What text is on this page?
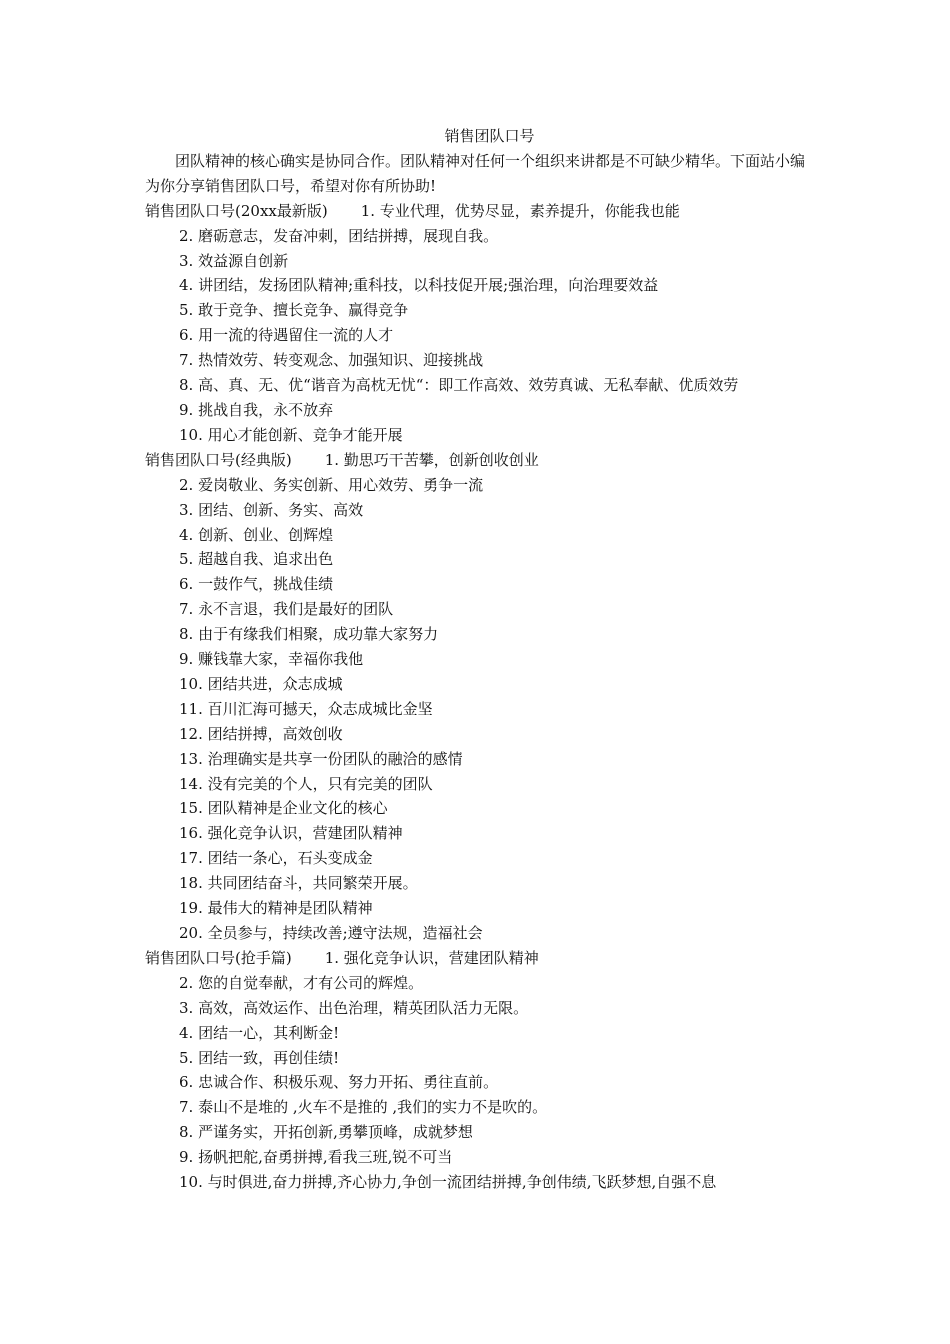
销售团队口号

团队精神的核心确实是协同合作。团队精神对任何一个组织来讲都是不可缺少精华。下面站小编为你分享销售团队口号，希望对你有所协助!

销售团队口号(20xx最新版) 1. 专业代理，优势尽显，素养提升，你能我也能
2. 磨砺意志，发奋冲刺，团结拼搏，展现自我。
3. 效益源自创新
4. 讲团结，发扬团队精神;重科技，以科技促开展;强治理，向治理要效益
5. 敢于竞争、擅长竞争、赢得竞争
6. 用一流的待遇留住一流的人才
7. 热情效劳、转变观念、加强知识、迎接挑战
8. 高、真、无、优“谐音为高枕无忧“：即工作高效、效劳真诚、无私奉献、优质效劳
9. 挑战自我，永不放弃
10. 用心才能创新、竞争才能开展
销售团队口号(经典版) 1. 勤思巧干苦攀，创新创收创业
2. 爱岗敬业、务实创新、用心效劳、勇争一流
3. 团结、创新、务实、高效
4. 创新、创业、创辉煌
5. 超越自我、追求出色
6. 一鼓作气，挑战佳绩
7. 永不言退，我们是最好的团队
8. 由于有缘我们相聚，成功靠大家努力
9. 赚钱靠大家，幸福你我他
10. 团结共进，众志成城
11. 百川汇海可撼天，众志成城比金坚
12. 团结拼搏，高效创收
13. 治理确实是共享一份团队的融洽的感情
14. 没有完美的个人，只有完美的团队
15. 团队精神是企业文化的核心
16. 强化竞争认识，营建团队精神
17. 团结一条心，石头变成金
18. 共同团结奋斗，共同繁荣开展。
19. 最伟大的精神是团队精神
20. 全员参与，持续改善;遵守法规，造福社会
销售团队口号(抢手篇) 1. 强化竞争认识，营建团队精神
2. 您的自觉奉献，才有公司的辉煌。
3. 高效，高效运作、出色治理，精英团队活力无限。
4. 团结一心，其利断金!
5. 团结一致，再创佳绩!
6. 忠诚合作、积极乐观、努力开拓、勇往直前。
7. 泰山不是堆的 ,火车不是推的 ,我们的实力不是吹的。
8. 严谨务实，开拓创新,勇攀顶峰，成就梦想
9. 扬帆把舵,奋勇拼搏,看我三班,锐不可当
10. 与时俱进,奋力拼搏,齐心协力,争创一流团结拼搏,争创伟绩,飞跃梦想,自强不息
